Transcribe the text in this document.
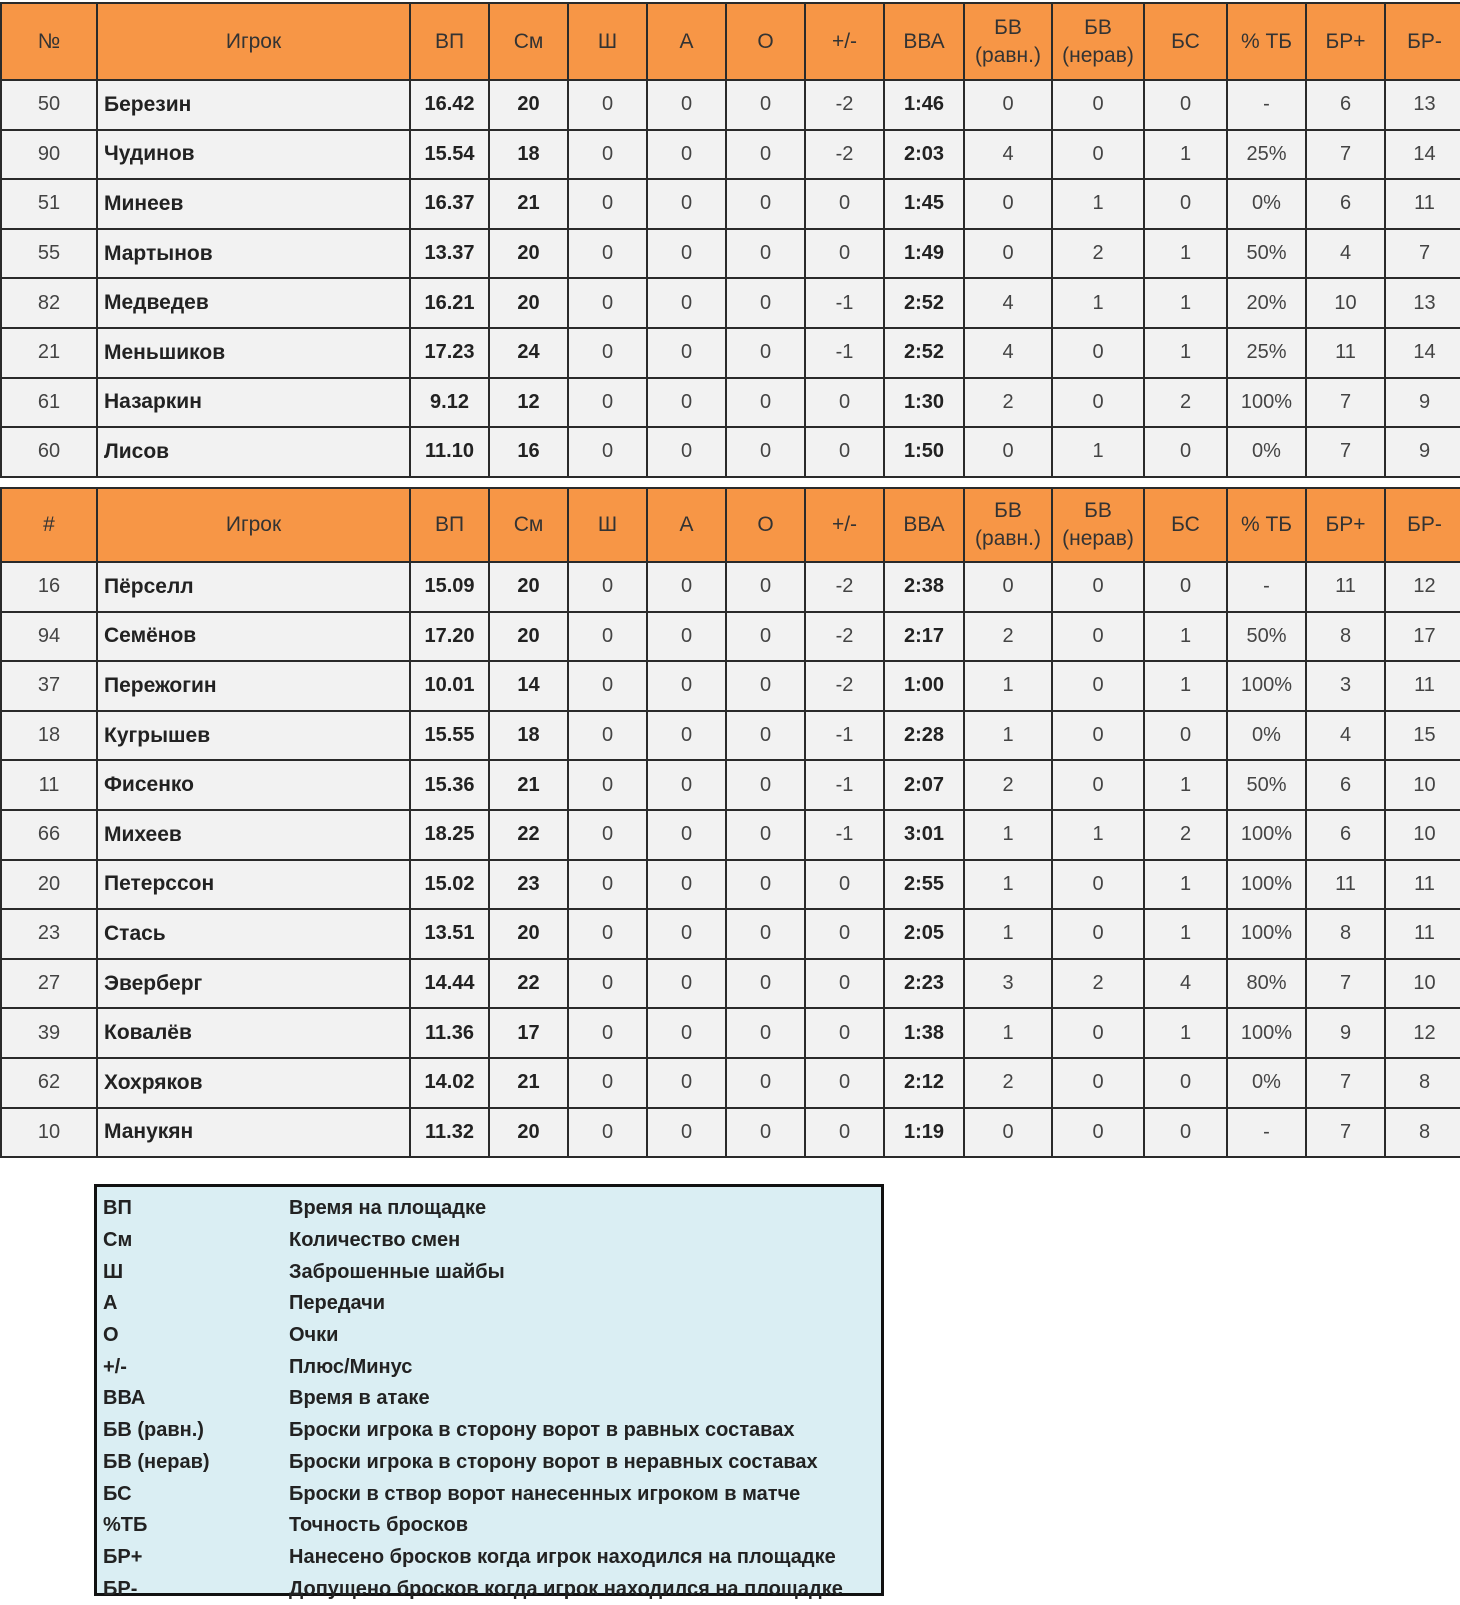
№	Игрок	ВП	См	Ш	А	О	+/-	ВВА	БВ (равн.)	БВ (нерав)	БС	% ТБ	БР+	БР-
50	Березин	16.42	20	0	0	0	-2	1:46	0	0	0	-	6	13
90	Чудинов	15.54	18	0	0	0	-2	2:03	4	0	1	25%	7	14
51	Минеев	16.37	21	0	0	0	0	1:45	0	1	0	0%	6	11
55	Мартынов	13.37	20	0	0	0	0	1:49	0	2	1	50%	4	7
82	Медведев	16.21	20	0	0	0	-1	2:52	4	1	1	20%	10	13
21	Меньшиков	17.23	24	0	0	0	-1	2:52	4	0	1	25%	11	14
61	Назаркин	9.12	12	0	0	0	0	1:30	2	0	2	100%	7	9
60	Лисов	11.10	16	0	0	0	0	1:50	0	1	0	0%	7	9
#	Игрок	ВП	См	Ш	А	О	+/-	ВВА	БВ (равн.)	БВ (нерав)	БС	% ТБ	БР+	БР-
16	Пёрселл	15.09	20	0	0	0	-2	2:38	0	0	0	-	11	12
94	Семёнов	17.20	20	0	0	0	-2	2:17	2	0	1	50%	8	17
37	Пережогин	10.01	14	0	0	0	-2	1:00	1	0	1	100%	3	11
18	Кугрышев	15.55	18	0	0	0	-1	2:28	1	0	0	0%	4	15
11	Фисенко	15.36	21	0	0	0	-1	2:07	2	0	1	50%	6	10
66	Михеев	18.25	22	0	0	0	-1	3:01	1	1	2	100%	6	10
20	Петерссон	15.02	23	0	0	0	0	2:55	1	0	1	100%	11	11
23	Стась	13.51	20	0	0	0	0	2:05	1	0	1	100%	8	11
27	Эверберг	14.44	22	0	0	0	0	2:23	3	2	4	80%	7	10
39	Ковалёв	11.36	17	0	0	0	0	1:38	1	0	1	100%	9	12
62	Хохряков	14.02	21	0	0	0	0	2:12	2	0	0	0%	7	8
10	Манукян	11.32	20	0	0	0	0	1:19	0	0	0	-	7	8
ВП	Время на площадке
См	Количество смен
Ш	Заброшенные шайбы
А	Передачи
О	Очки
+/-	Плюс/Минус
ВВА	Время в атаке
БВ (равн.)	Броски игрока в сторону ворот в равных составах
БВ (нерав)	Броски игрока в сторону ворот в неравных составах
БС	Броски в створ ворот нанесенных игроком в матче
%ТБ	Точность бросков
БР+	Нанесено бросков когда игрок находился на площадке
БР-	Допущено бросков когда игрок находился на площадке
